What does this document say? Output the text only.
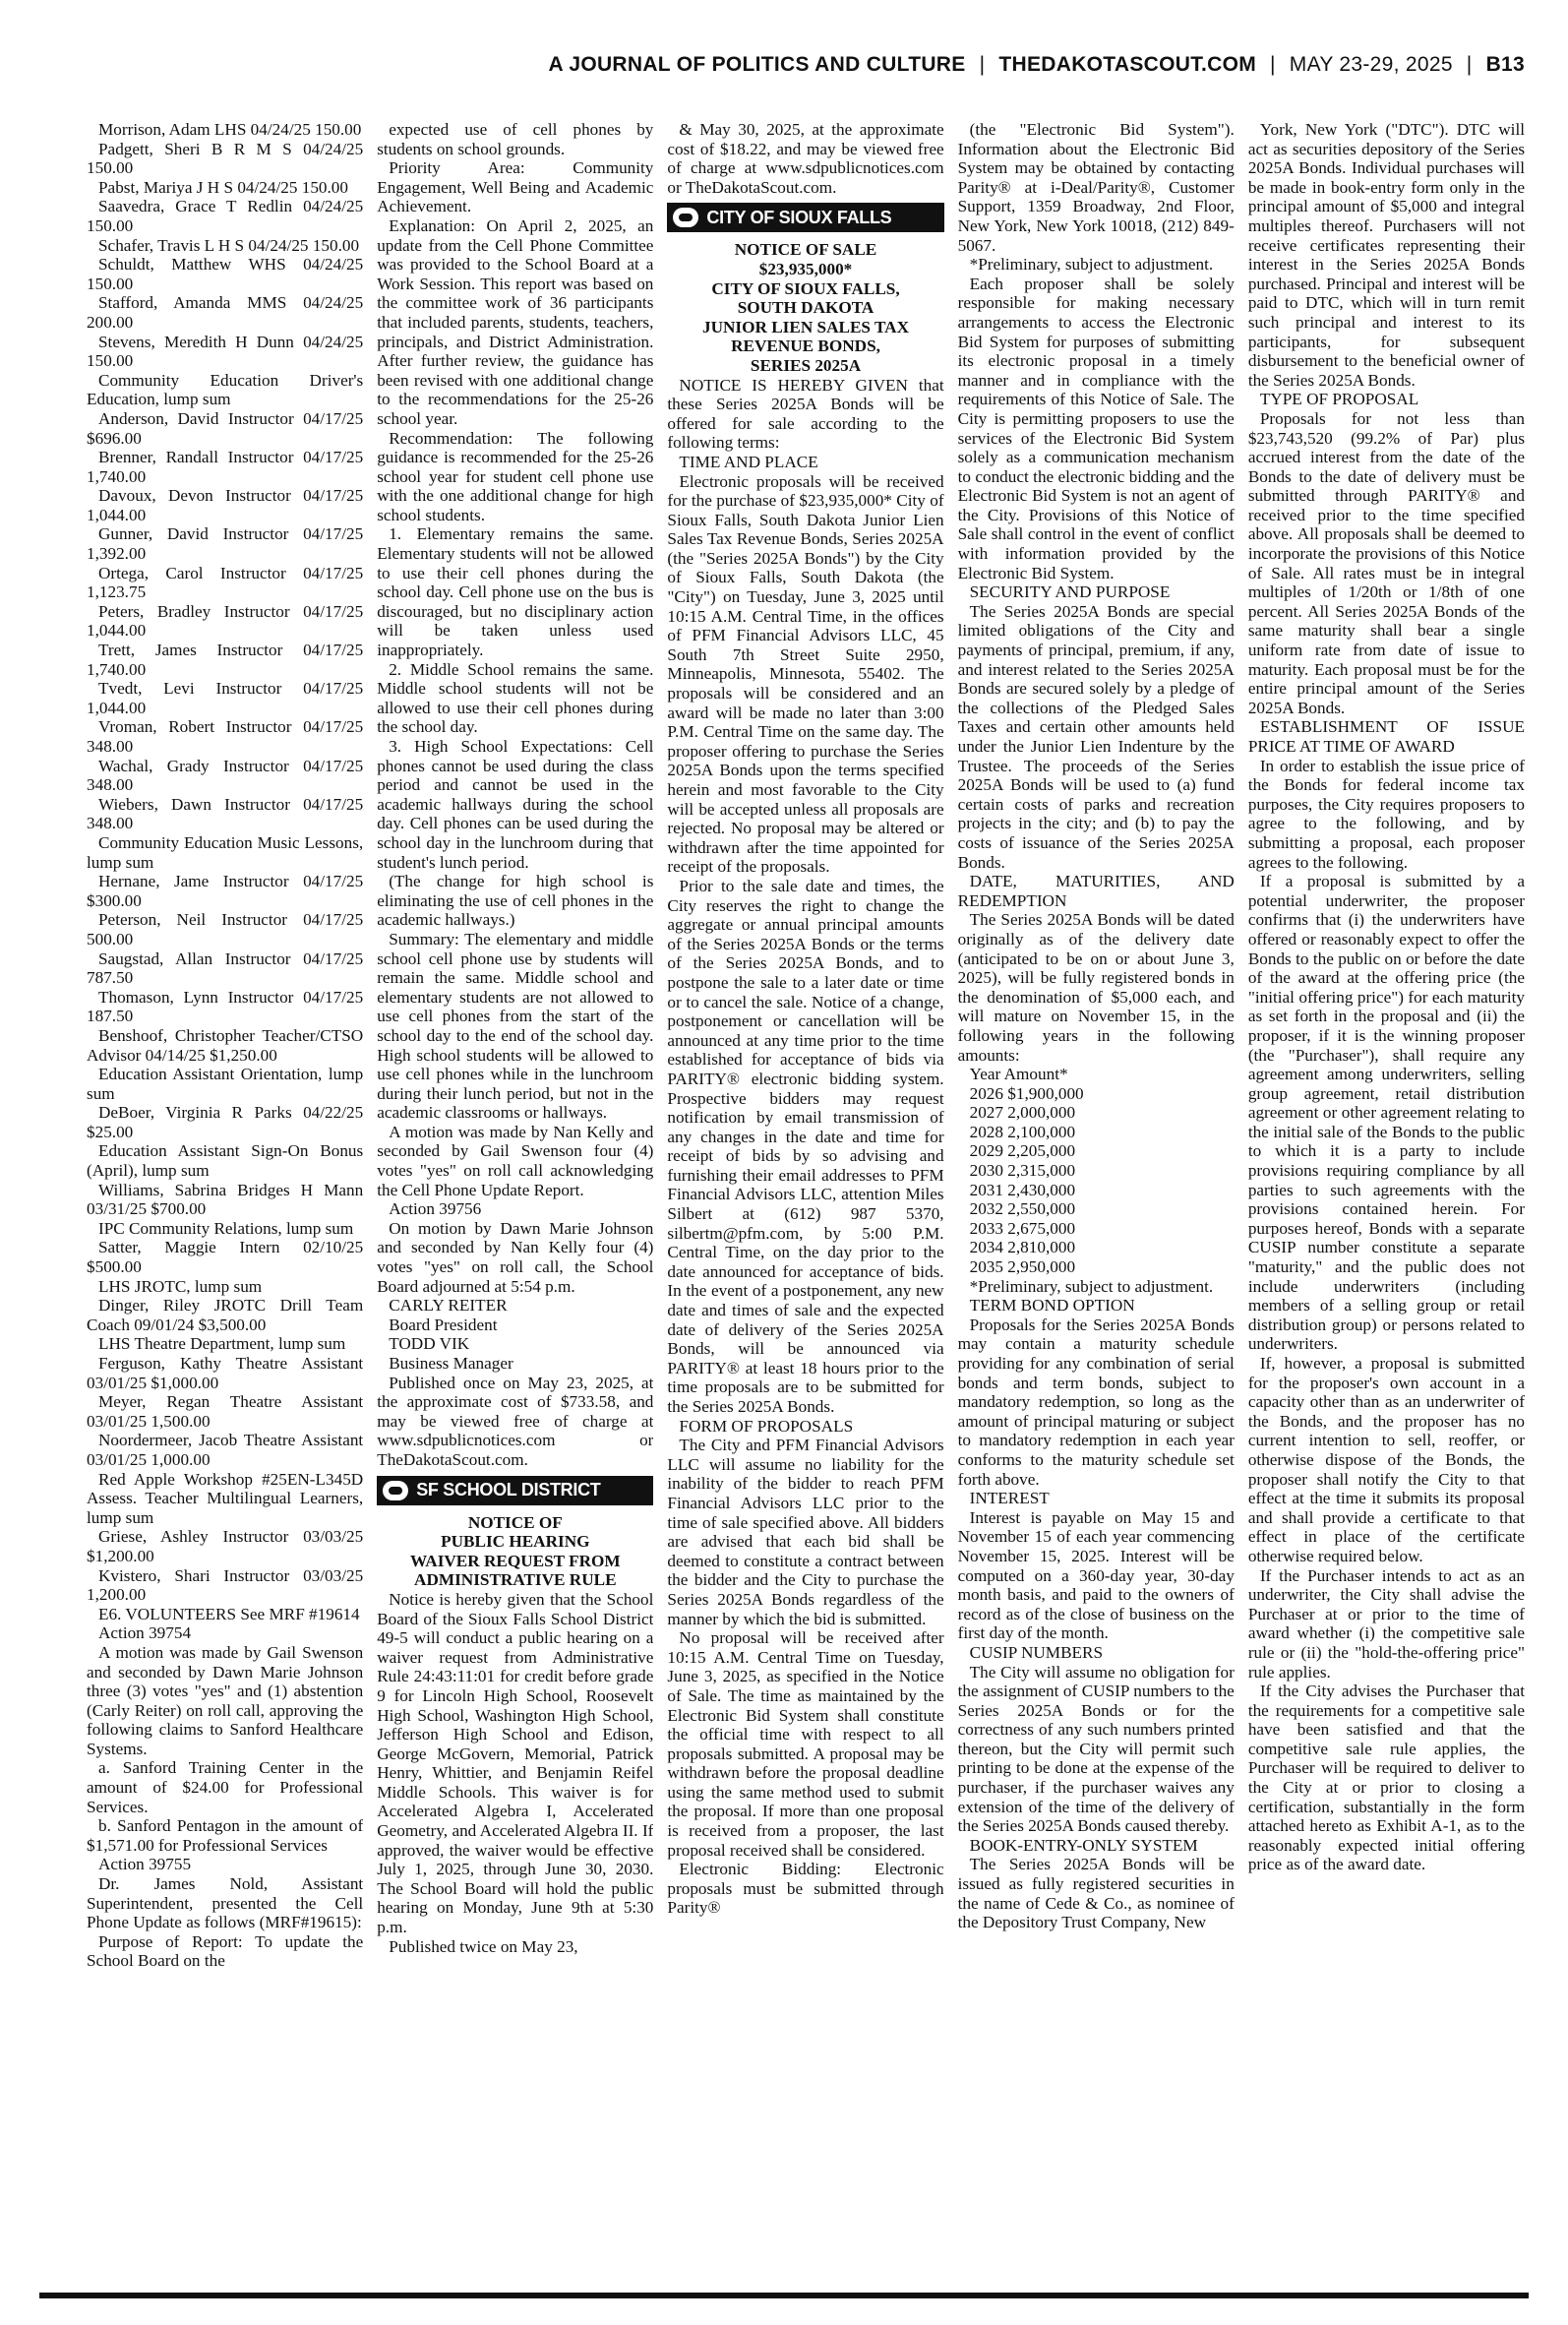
A JOURNAL OF POLITICS AND CULTURE | THEDAKOTASCOUT.COM | MAY 23-29, 2025 | B13

Morrison, Adam LHS 04/24/25 150.00

Padgett, Sheri B R M S 04/24/25 150.00

Pabst, Mariya J H S 04/24/25 150.00

Saavedra, Grace T Redlin 04/24/25 150.00

Schafer, Travis L H S 04/24/25 150.00

Schuldt, Matthew WHS 04/24/25 150.00

Stafford, Amanda MMS 04/24/25 200.00

Stevens, Meredith H Dunn 04/24/25 150.00

Community Education Driver's Education, lump sum

Anderson, David Instructor 04/17/25 $696.00

Brenner, Randall Instructor 04/17/25 1,740.00

Davoux, Devon Instructor 04/17/25 1,044.00

Gunner, David Instructor 04/17/25 1,392.00

Ortega, Carol Instructor 04/17/25 1,123.75

Peters, Bradley Instructor 04/17/25 1,044.00

Trett, James Instructor 04/17/25 1,740.00

Tvedt, Levi Instructor 04/17/25 1,044.00

Vroman, Robert Instructor 04/17/25 348.00

Wachal, Grady Instructor 04/17/25 348.00

Wiebers, Dawn Instructor 04/17/25 348.00

Community Education Music Lessons, lump sum

Hernane, Jame Instructor 04/17/25 $300.00

Peterson, Neil Instructor 04/17/25 500.00

Saugstad, Allan Instructor 04/17/25 787.50

Thomason, Lynn Instructor 04/17/25 187.50

Benshoof, Christopher Teacher/CTSO Advisor 04/14/25 $1,250.00

Education Assistant Orientation, lump sum

DeBoer, Virginia R Parks 04/22/25 $25.00

Education Assistant Sign-On Bonus (April), lump sum

Williams, Sabrina Bridges H Mann 03/31/25 $700.00

IPC Community Relations, lump sum

Satter, Maggie Intern 02/10/25 $500.00

LHS JROTC, lump sum

Dinger, Riley JROTC Drill Team Coach 09/01/24 $3,500.00

LHS Theatre Department, lump sum

Ferguson, Kathy Theatre Assistant 03/01/25 $1,000.00

Meyer, Regan Theatre Assistant 03/01/25 1,500.00

Noordermeer, Jacob Theatre Assistant 03/01/25 1,000.00

Red Apple Workshop #25EN-L345D Assess. Teacher Multilingual Learners, lump sum

Griese, Ashley Instructor 03/03/25 $1,200.00

Kvistero, Shari Instructor 03/03/25 1,200.00

E6. VOLUNTEERS See MRF #19614

Action 39754

A motion was made by Gail Swenson and seconded by Dawn Marie Johnson three (3) votes "yes" and (1) abstention (Carly Reiter) on roll call, approving the following claims to Sanford Healthcare Systems.

a. Sanford Training Center in the amount of $24.00 for Professional Services.

b. Sanford Pentagon in the amount of $1,571.00 for Professional Services

Action 39755

Dr. James Nold, Assistant Superintendent, presented the Cell Phone Update as follows (MRF#19615):

Purpose of Report: To update the School Board on the

expected use of cell phones by students on school grounds.

Priority Area: Community Engagement, Well Being and Academic Achievement.

Explanation: On April 2, 2025, an update from the Cell Phone Committee was provided to the School Board at a Work Session. This report was based on the committee work of 36 participants that included parents, students, teachers, principals, and District Administration. After further review, the guidance has been revised with one additional change to the recommendations for the 25-26 school year.

Recommendation: The following guidance is recommended for the 25-26 school year for student cell phone use with the one additional change for high school students.

1. Elementary remains the same. Elementary students will not be allowed to use their cell phones during the school day. Cell phone use on the bus is discouraged, but no disciplinary action will be taken unless used inappropriately.

2. Middle School remains the same. Middle school students will not be allowed to use their cell phones during the school day.

3. High School Expectations: Cell phones cannot be used during the class period and cannot be used in the academic hallways during the school day. Cell phones can be used during the school day in the lunchroom during that student's lunch period.

(The change for high school is eliminating the use of cell phones in the academic hallways.)

Summary: The elementary and middle school cell phone use by students will remain the same. Middle school and elementary students are not allowed to use cell phones from the start of the school day to the end of the school day. High school students will be allowed to use cell phones while in the lunchroom during their lunch period, but not in the academic classrooms or hallways.

A motion was made by Nan Kelly and seconded by Gail Swenson four (4) votes "yes" on roll call acknowledging the Cell Phone Update Report.

Action 39756

On motion by Dawn Marie Johnson and seconded by Nan Kelly four (4) votes "yes" on roll call, the School Board adjourned at 5:54 p.m.

CARLY REITER

Board President

TODD VIK

Business Manager

Published once on May 23, 2025, at the approximate cost of $733.58, and may be viewed free of charge at www.sdpublicnotices.com or TheDakotaScout.com.

SF SCHOOL DISTRICT

NOTICE OF

PUBLIC HEARING

WAIVER REQUEST FROM

ADMINISTRATIVE RULE

Notice is hereby given that the School Board of the Sioux Falls School District 49-5 will conduct a public hearing on a waiver request from Administrative Rule 24:43:11:01 for credit before grade 9 for Lincoln High School, Roosevelt High School, Washington High School, Jefferson High School and Edison, George McGovern, Memorial, Patrick Henry, Whittier, and Benjamin Reifel Middle Schools. This waiver is for Accelerated Algebra I, Accelerated Geometry, and Accelerated Algebra II. If approved, the waiver would be effective July 1, 2025, through June 30, 2030. The School Board will hold the public hearing on Monday, June 9th at 5:30 p.m.

Published twice on May 23,

& May 30, 2025, at the approximate cost of $18.22, and may be viewed free of charge at www.sdpublicnotices.com or TheDakotaScout.com.

CITY OF SIOUX FALLS

NOTICE OF SALE

$23,935,000*

CITY OF SIOUX FALLS,

SOUTH DAKOTA

JUNIOR LIEN SALES TAX

REVENUE BONDS,

SERIES 2025A

NOTICE IS HEREBY GIVEN that these Series 2025A Bonds will be offered for sale according to the following terms:

TIME AND PLACE

Electronic proposals will be received for the purchase of $23,935,000* City of Sioux Falls, South Dakota Junior Lien Sales Tax Revenue Bonds, Series 2025A (the "Series 2025A Bonds") by the City of Sioux Falls, South Dakota (the "City") on Tuesday, June 3, 2025 until 10:15 A.M. Central Time, in the offices of PFM Financial Advisors LLC, 45 South 7th Street Suite 2950, Minneapolis, Minnesota, 55402. The proposals will be considered and an award will be made no later than 3:00 P.M. Central Time on the same day. The proposer offering to purchase the Series 2025A Bonds upon the terms specified herein and most favorable to the City will be accepted unless all proposals are rejected. No proposal may be altered or withdrawn after the time appointed for receipt of the proposals.

Prior to the sale date and times, the City reserves the right to change the aggregate or annual principal amounts of the Series 2025A Bonds or the terms of the Series 2025A Bonds, and to postpone the sale to a later date or time or to cancel the sale. Notice of a change, postponement or cancellation will be announced at any time prior to the time established for acceptance of bids via PARITY® electronic bidding system. Prospective bidders may request notification by email transmission of any changes in the date and time for receipt of bids by so advising and furnishing their email addresses to PFM Financial Advisors LLC, attention Miles Silbert at (612) 987 5370, silbertm@pfm.com, by 5:00 P.M. Central Time, on the day prior to the date announced for acceptance of bids. In the event of a postponement, any new date and times of sale and the expected date of delivery of the Series 2025A Bonds, will be announced via PARITY® at least 18 hours prior to the time proposals are to be submitted for the Series 2025A Bonds.

FORM OF PROPOSALS

The City and PFM Financial Advisors LLC will assume no liability for the inability of the bidder to reach PFM Financial Advisors LLC prior to the time of sale specified above. All bidders are advised that each bid shall be deemed to constitute a contract between the bidder and the City to purchase the Series 2025A Bonds regardless of the manner by which the bid is submitted.

No proposal will be received after 10:15 A.M. Central Time on Tuesday, June 3, 2025, as specified in the Notice of Sale. The time as maintained by the Electronic Bid System shall constitute the official time with respect to all proposals submitted. A proposal may be withdrawn before the proposal deadline using the same method used to submit the proposal. If more than one proposal is received from a proposer, the last proposal received shall be considered.

Electronic Bidding: Electronic proposals must be submitted through Parity®

(the "Electronic Bid System"). Information about the Electronic Bid System may be obtained by contacting Parity® at i-Deal/Parity®, Customer Support, 1359 Broadway, 2nd Floor, New York, New York 10018, (212) 849-5067.

*Preliminary, subject to adjustment.

Each proposer shall be solely responsible for making necessary arrangements to access the Electronic Bid System for purposes of submitting its electronic proposal in a timely manner and in compliance with the requirements of this Notice of Sale. The City is permitting proposers to use the services of the Electronic Bid System solely as a communication mechanism to conduct the electronic bidding and the Electronic Bid System is not an agent of the City. Provisions of this Notice of Sale shall control in the event of conflict with information provided by the Electronic Bid System.

SECURITY AND PURPOSE

The Series 2025A Bonds are special limited obligations of the City and payments of principal, premium, if any, and interest related to the Series 2025A Bonds are secured solely by a pledge of the collections of the Pledged Sales Taxes and certain other amounts held under the Junior Lien Indenture by the Trustee. The proceeds of the Series 2025A Bonds will be used to (a) fund certain costs of parks and recreation projects in the city; and (b) to pay the costs of issuance of the Series 2025A Bonds.

DATE, MATURITIES, AND REDEMPTION

The Series 2025A Bonds will be dated originally as of the delivery date (anticipated to be on or about June 3, 2025), will be fully registered bonds in the denomination of $5,000 each, and will mature on November 15, in the following years in the following amounts:

Year Amount*

2026 $1,900,000

2027 2,000,000

2028 2,100,000

2029 2,205,000

2030 2,315,000

2031 2,430,000

2032 2,550,000

2033 2,675,000

2034 2,810,000

2035 2,950,000

*Preliminary, subject to adjustment.

TERM BOND OPTION

Proposals for the Series 2025A Bonds may contain a maturity schedule providing for any combination of serial bonds and term bonds, subject to mandatory redemption, so long as the amount of principal maturing or subject to mandatory redemption in each year conforms to the maturity schedule set forth above.

INTEREST

Interest is payable on May 15 and November 15 of each year commencing November 15, 2025. Interest will be computed on a 360-day year, 30-day month basis, and paid to the owners of record as of the close of business on the first day of the month.

CUSIP NUMBERS

The City will assume no obligation for the assignment of CUSIP numbers to the Series 2025A Bonds or for the correctness of any such numbers printed thereon, but the City will permit such printing to be done at the expense of the purchaser, if the purchaser waives any extension of the time of the delivery of the Series 2025A Bonds caused thereby.

BOOK-ENTRY-ONLY SYSTEM

The Series 2025A Bonds will be issued as fully registered securities in the name of Cede & Co., as nominee of the Depository Trust Company, New

York, New York ("DTC"). DTC will act as securities depository of the Series 2025A Bonds. Individual purchases will be made in book-entry form only in the principal amount of $5,000 and integral multiples thereof. Purchasers will not receive certificates representing their interest in the Series 2025A Bonds purchased. Principal and interest will be paid to DTC, which will in turn remit such principal and interest to its participants, for subsequent disbursement to the beneficial owner of the Series 2025A Bonds.

TYPE OF PROPOSAL

Proposals for not less than $23,743,520 (99.2% of Par) plus accrued interest from the date of the Bonds to the date of delivery must be submitted through PARITY® and received prior to the time specified above. All proposals shall be deemed to incorporate the provisions of this Notice of Sale. All rates must be in integral multiples of 1/20th or 1/8th of one percent. All Series 2025A Bonds of the same maturity shall bear a single uniform rate from date of issue to maturity. Each proposal must be for the entire principal amount of the Series 2025A Bonds.

ESTABLISHMENT OF ISSUE PRICE AT TIME OF AWARD

In order to establish the issue price of the Bonds for federal income tax purposes, the City requires proposers to agree to the following, and by submitting a proposal, each proposer agrees to the following.

If a proposal is submitted by a potential underwriter, the proposer confirms that (i) the underwriters have offered or reasonably expect to offer the Bonds to the public on or before the date of the award at the offering price (the "initial offering price") for each maturity as set forth in the proposal and (ii) the proposer, if it is the winning proposer (the "Purchaser"), shall require any agreement among underwriters, selling group agreement, retail distribution agreement or other agreement relating to the initial sale of the Bonds to the public to which it is a party to include provisions requiring compliance by all parties to such agreements with the provisions contained herein. For purposes hereof, Bonds with a separate CUSIP number constitute a separate "maturity," and the public does not include underwriters (including members of a selling group or retail distribution group) or persons related to underwriters.

If, however, a proposal is submitted for the proposer's own account in a capacity other than as an underwriter of the Bonds, and the proposer has no current intention to sell, reoffer, or otherwise dispose of the Bonds, the proposer shall notify the City to that effect at the time it submits its proposal and shall provide a certificate to that effect in place of the certificate otherwise required below.

If the Purchaser intends to act as an underwriter, the City shall advise the Purchaser at or prior to the time of award whether (i) the competitive sale rule or (ii) the "hold-the-offering price" rule applies.

If the City advises the Purchaser that the requirements for a competitive sale have been satisfied and that the competitive sale rule applies, the Purchaser will be required to deliver to the City at or prior to closing a certification, substantially in the form attached hereto as Exhibit A-1, as to the reasonably expected initial offering price as of the award date.
